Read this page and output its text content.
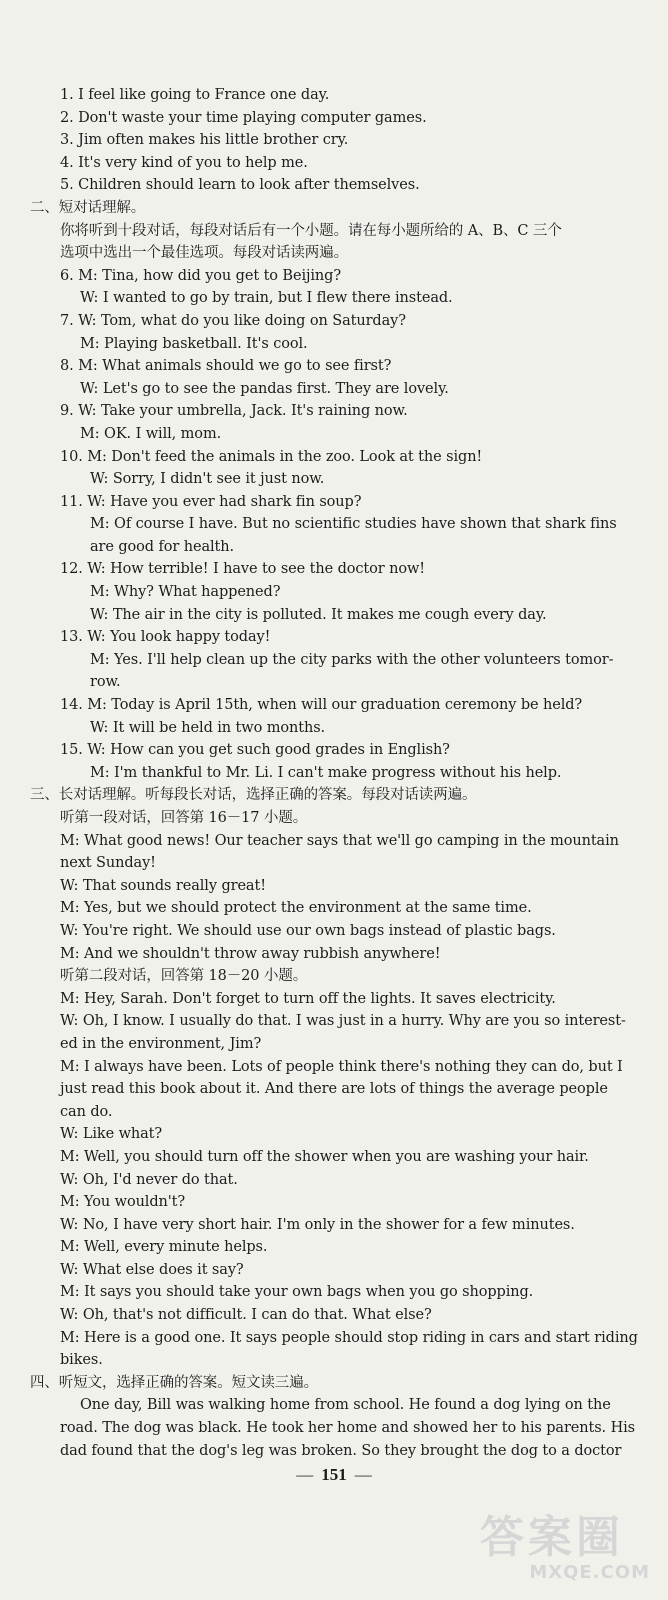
1. I feel like going to France one day.
2. Don't waste your time playing computer games.
3. Jim often makes his little brother cry.
4. It's very kind of you to help me.
5. Children should learn to look after themselves.
二、短对话理解。
你将听到十段对话，每段对话后有一个小题。请在每小题所给的 A、B、C 三个
选项中选出一个最佳选项。每段对话读两遍。
6. M: Tina, how did you get to Beijing?
W: I wanted to go by train, but I flew there instead.
7. W: Tom, what do you like doing on Saturday?
M: Playing basketball. It's cool.
8. M: What animals should we go to see first?
W: Let's go to see the pandas first. They are lovely.
9. W: Take your umbrella, Jack. It's raining now.
M: OK. I will, mom.
10. M: Don't feed the animals in the zoo. Look at the sign!
W: Sorry, I didn't see it just now.
11. W: Have you ever had shark fin soup?
M: Of course I have. But no scientific studies have shown that shark fins
are good for health.
12. W: How terrible! I have to see the doctor now!
M: Why? What happened?
W: The air in the city is polluted. It makes me cough every day.
13. W: You look happy today!
M: Yes. I'll help clean up the city parks with the other volunteers tomor-
row.
14. M: Today is April 15th, when will our graduation ceremony be held?
W: It will be held in two months.
15. W: How can you get such good grades in English?
M: I'm thankful to Mr. Li. I can't make progress without his help.
三、长对话理解。听每段长对话，选择正确的答案。每段对话读两遍。
听第一段对话，回答第 16－17 小题。
M: What good news! Our teacher says that we'll go camping in the mountain
next Sunday!
W: That sounds really great!
M: Yes, but we should protect the environment at the same time.
W: You're right. We should use our own bags instead of plastic bags.
M: And we shouldn't throw away rubbish anywhere!
听第二段对话，回答第 18－20 小题。
M: Hey, Sarah. Don't forget to turn off the lights. It saves electricity.
W: Oh, I know. I usually do that. I was just in a hurry. Why are you so interest-
ed in the environment, Jim?
M: I always have been. Lots of people think there's nothing they can do, but I
just read this book about it. And there are lots of things the average people
can do.
W: Like what?
M: Well, you should turn off the shower when you are washing your hair.
W: Oh, I'd never do that.
M: You wouldn't?
W: No, I have very short hair. I'm only in the shower for a few minutes.
M: Well, every minute helps.
W: What else does it say?
M: It says you should take your own bags when you go shopping.
W: Oh, that's not difficult. I can do that. What else?
M: Here is a good one. It says people should stop riding in cars and start riding
bikes.
四、听短文，选择正确的答案。短文读三遍。
One day, Bill was walking home from school. He found a dog lying on the
road. The dog was black. He took her home and showed her to his parents. His
dad found that the dog's leg was broken. So they brought the dog to a doctor
— 151 —
答案圈
MXQE.COM
